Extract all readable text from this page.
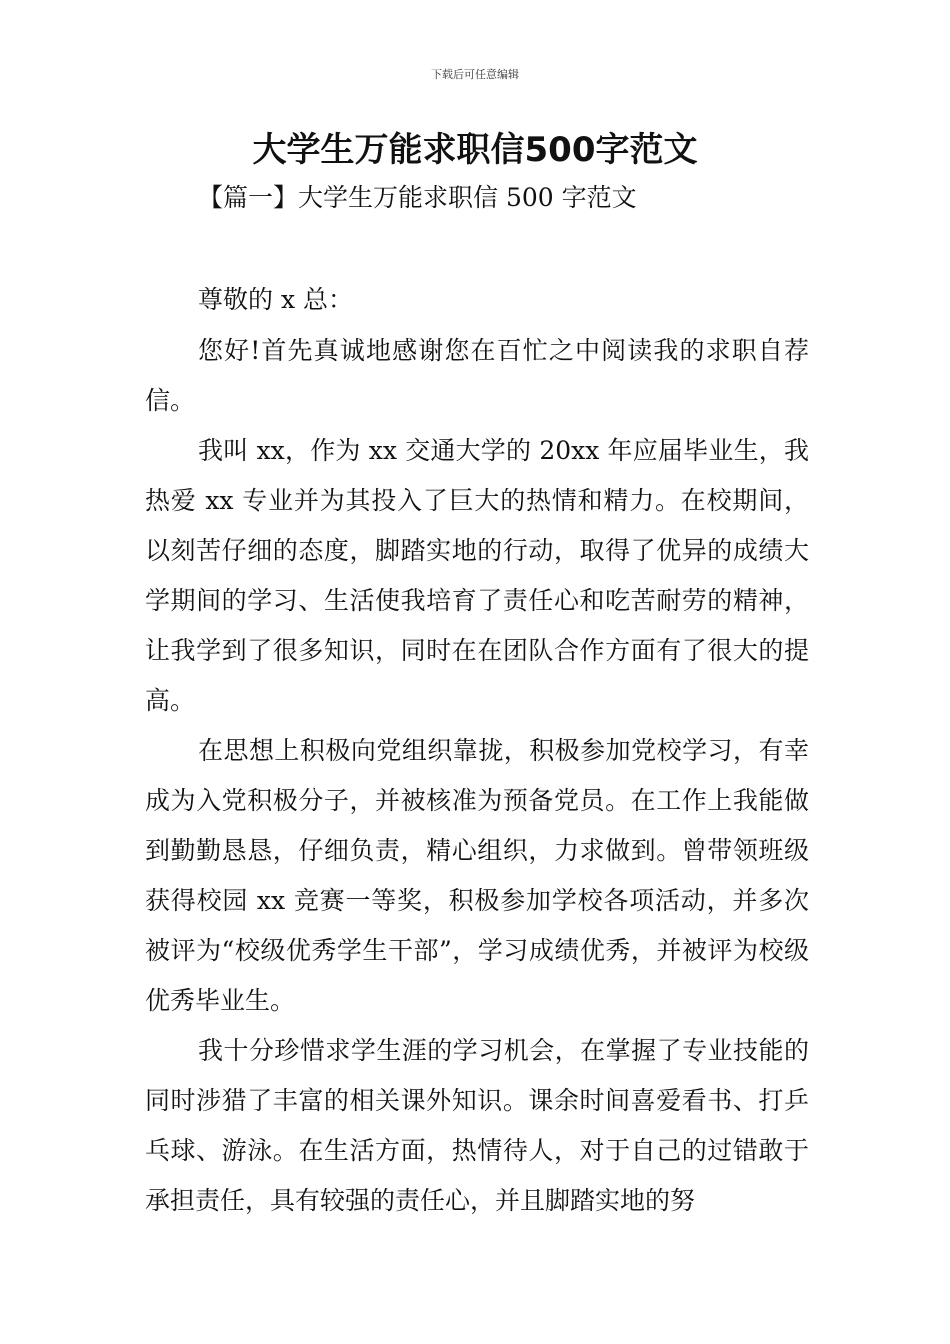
下载后可任意编辑
大学生万能求职信500字范文
【篇一】大学生万能求职信 500 字范文
尊敬的 x 总：

您好!首先真诚地感谢您在百忙之中阅读我的求职自荐信。

我叫 xx，作为 xx 交通大学的 20xx 年应届毕业生，我热爱 xx 专业并为其投入了巨大的热情和精力。在校期间，以刻苦仔细的态度，脚踏实地的行动，取得了优异的成绩大学期间的学习、生活使我培育了责任心和吃苦耐劳的精神，让我学到了很多知识，同时在在团队合作方面有了很大的提高。

在思想上积极向党组织靠拢，积极参加党校学习，有幸成为入党积极分子，并被核准为预备党员。在工作上我能做到勤勤恳恳，仔细负责，精心组织，力求做到。曾带领班级获得校园 xx 竞赛一等奖，积极参加学校各项活动，并多次被评为“校级优秀学生干部”，学习成绩优秀，并被评为校级优秀毕业生。

我十分珍惜求学生涯的学习机会，在掌握了专业技能的同时涉猎了丰富的相关课外知识。课余时间喜爱看书、打乒乓球、游泳。在生活方面，热情待人，对于自己的过错敢于承担责任，具有较强的责任心，并且脚踏实地的努
